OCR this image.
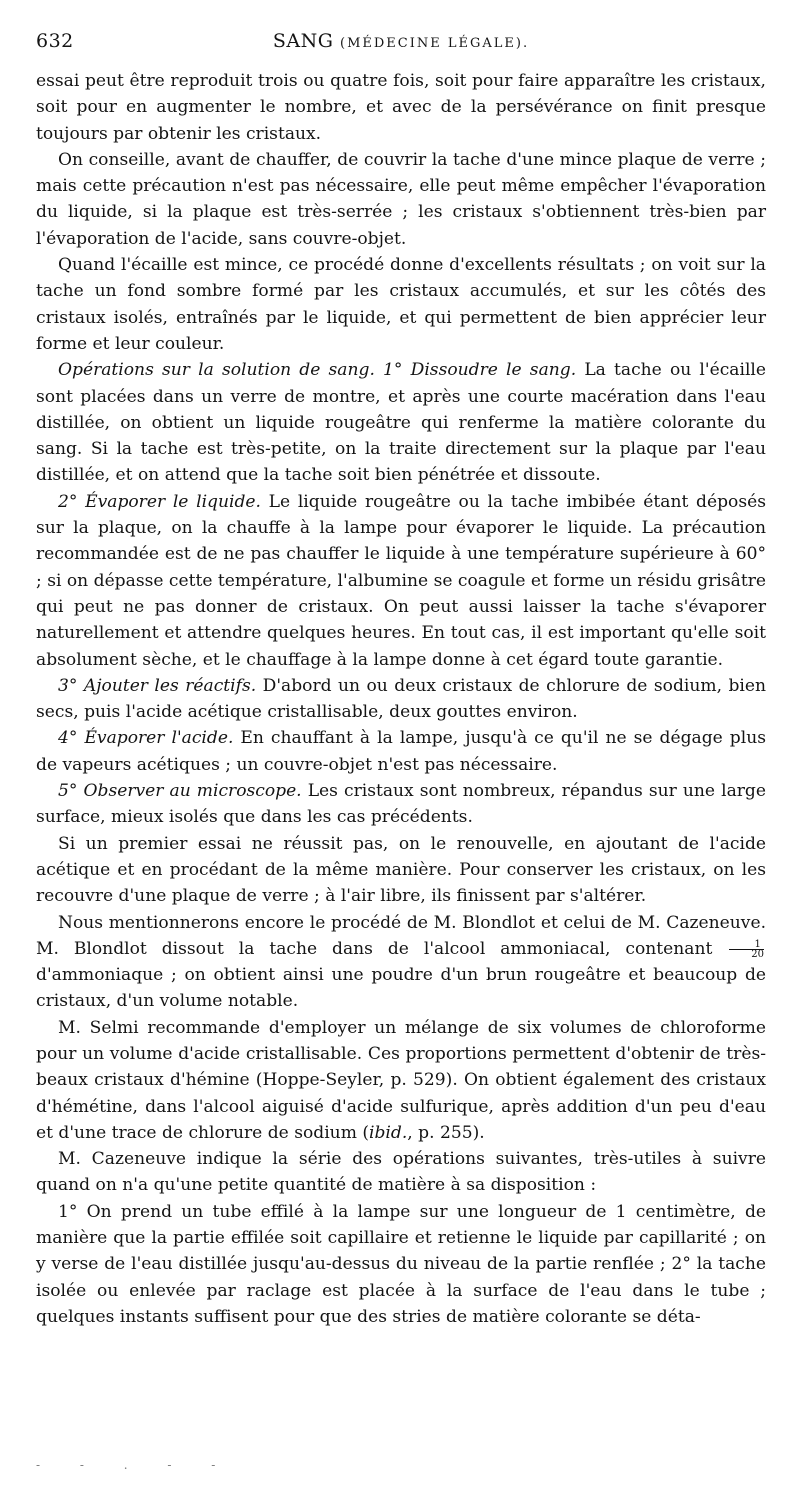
632	SANG (MÉDECINE LÉGALE).

essai peut être reproduit trois ou quatre fois, soit pour faire apparaître les cristaux, soit pour en augmenter le nombre, et avec de la persévérance on finit presque toujours par obtenir les cristaux.

On conseille, avant de chauffer, de couvrir la tache d'une mince plaque de verre ; mais cette précaution n'est pas nécessaire, elle peut même empêcher l'évaporation du liquide, si la plaque est très-serrée ; les cristaux s'obtiennent très-bien par l'évaporation de l'acide, sans couvre-objet.

Quand l'écaille est mince, ce procédé donne d'excellents résultats ; on voit sur la tache un fond sombre formé par les cristaux accumulés, et sur les côtés des cristaux isolés, entraînés par le liquide, et qui permettent de bien apprécier leur forme et leur couleur.

Opérations sur la solution de sang. 1° Dissoudre le sang. La tache ou l'écaille sont placées dans un verre de montre, et après une courte macération dans l'eau distillée, on obtient un liquide rougeâtre qui renferme la matière colorante du sang. Si la tache est très-petite, on la traite directement sur la plaque par l'eau distillée, et on attend que la tache soit bien pénétrée et dissoute.

2° Évaporer le liquide. Le liquide rougeâtre ou la tache imbibée étant déposés sur la plaque, on la chauffe à la lampe pour évaporer le liquide. La précaution recommandée est de ne pas chauffer le liquide à une température supérieure à 60° ; si on dépasse cette température, l'albumine se coagule et forme un résidu grisâtre qui peut ne pas donner de cristaux. On peut aussi laisser la tache s'évaporer naturellement et attendre quelques heures. En tout cas, il est important qu'elle soit absolument sèche, et le chauffage à la lampe donne à cet égard toute garantie.

3° Ajouter les réactifs. D'abord un ou deux cristaux de chlorure de sodium, bien secs, puis l'acide acétique cristallisable, deux gouttes environ.

4° Évaporer l'acide. En chauffant à la lampe, jusqu'à ce qu'il ne se dégage plus de vapeurs acétiques ; un couvre-objet n'est pas nécessaire.

5° Observer au microscope. Les cristaux sont nombreux, répandus sur une large surface, mieux isolés que dans les cas précédents.

Si un premier essai ne réussit pas, on le renouvelle, en ajoutant de l'acide acétique et en procédant de la même manière. Pour conserver les cristaux, on les recouvre d'une plaque de verre ; à l'air libre, ils finissent par s'altérer.

Nous mentionnerons encore le procédé de M. Blondlot et celui de M. Cazeneuve. M. Blondlot dissout la tache dans de l'alcool ammoniacal, contenant $\frac{1}{20}$
d'ammoniaque ; on obtient ainsi une poudre d'un brun rougeâtre et beaucoup de cristaux, d'un volume notable.

M. Selmi recommande d'employer un mélange de six volumes de chloroforme pour un volume d'acide cristallisable. Ces proportions permettent d'obtenir de très-beaux cristaux d'hémine (Hoppe-Seyler, p. 529). On obtient également des cristaux d'hémétine, dans l'alcool aiguisé d'acide sulfurique, après addition d'un peu d'eau et d'une trace de chlorure de sodium (ibid., p. 255).

M. Cazeneuve indique la série des opérations suivantes, très-utiles à suivre quand on n'a qu'une petite quantité de matière à sa disposition :

1° On prend un tube effilé à la lampe sur une longueur de 1 centimètre, de manière que la partie effilée soit capillaire et retienne le liquide par capillarité ; on y verse de l'eau distillée jusqu'au-dessus du niveau de la partie renflée ; 2° la tache isolée ou enlevée par raclage est placée à la surface de l'eau dans le tube ; quelques instants suffisent pour que des stries de matière colorante se déta-

- - . - -
